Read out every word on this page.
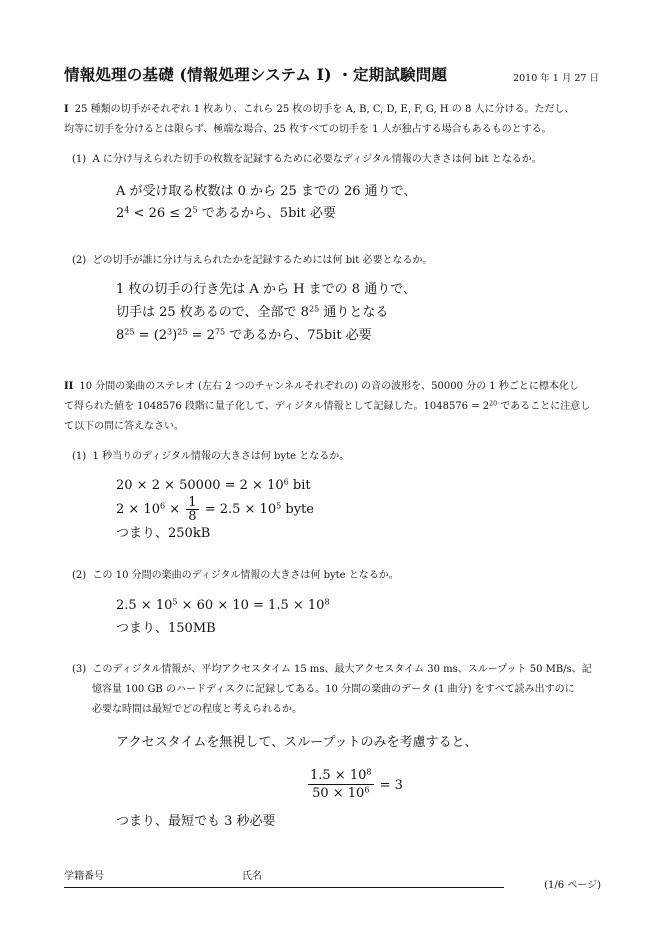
情報処理の基礎 (情報処理システム I) ・定期試験問題	2010 年 1 月 27 日
I 25 種類の切手がそれぞれ 1 枚あり、これら 25 枚の切手を A, B, C, D, E, F, G, H の 8 人に分ける。ただし、
均等に切手を分けるとは限らず、極端な場合、25 枚すべての切手を 1 人が独占する場合もあるものとする。
(1) A に分け与えられた切手の枚数を記録するために必要なディジタル情報の大きさは何 bit となるか。
A が受け取る枚数は 0 から 25 までの 26 通りで、
$2^4 < 26 \le 2^5$ であるから、5bit 必要
(2) どの切手が誰に分け与えられたかを記録するためには何 bit 必要となるか。
1 枚の切手の行き先は A から H までの 8 通りで、
切手は 25 枚あるので、全部で $8^{25}$ 通りとなる
$8^{25} = (2^3)^{25} = 2^{75}$ であるから、75bit 必要
II 10 分間の楽曲のステレオ (左右 2 つのチャンネルそれぞれの) の音の波形を、50000 分の 1 秒ごとに標本化し
て得られた値を 1048576 段階に量子化して、ディジタル情報として記録した。$1048576 = 2^{20}$ であることに注意し
て以下の問に答えなさい。
(1) 1 秒当りのディジタル情報の大きさは何 byte となるか。
$20 \times 2 \times 50000 = 2 \times 10^6$ bit
$2 \times 10^6 \times \frac{1}{8} = 2.5 \times 10^5$ byte
つまり、250kB
(2) この 10 分間の楽曲のディジタル情報の大きさは何 byte となるか。
$2.5 \times 10^5 \times 60 \times 10 = 1.5 \times 10^8$
つまり、150MB
(3) このディジタル情報が、平均アクセスタイム 15 ms、最大アクセスタイム 30 ms、スループット 50 MB/s、記
憶容量 100 GB のハードディスクに記録してある。10 分間の楽曲のデータ (1 曲分) をすべて読み出すのに
必要な時間は最短でどの程度と考えられるか。
アクセスタイムを無視して、スループットのみを考慮すると、
$\frac{1.5 \times 10^8}{50 \times 10^6} = 3$
つまり、最短でも 3 秒必要
学籍番号	氏名
(1/6 ページ)
